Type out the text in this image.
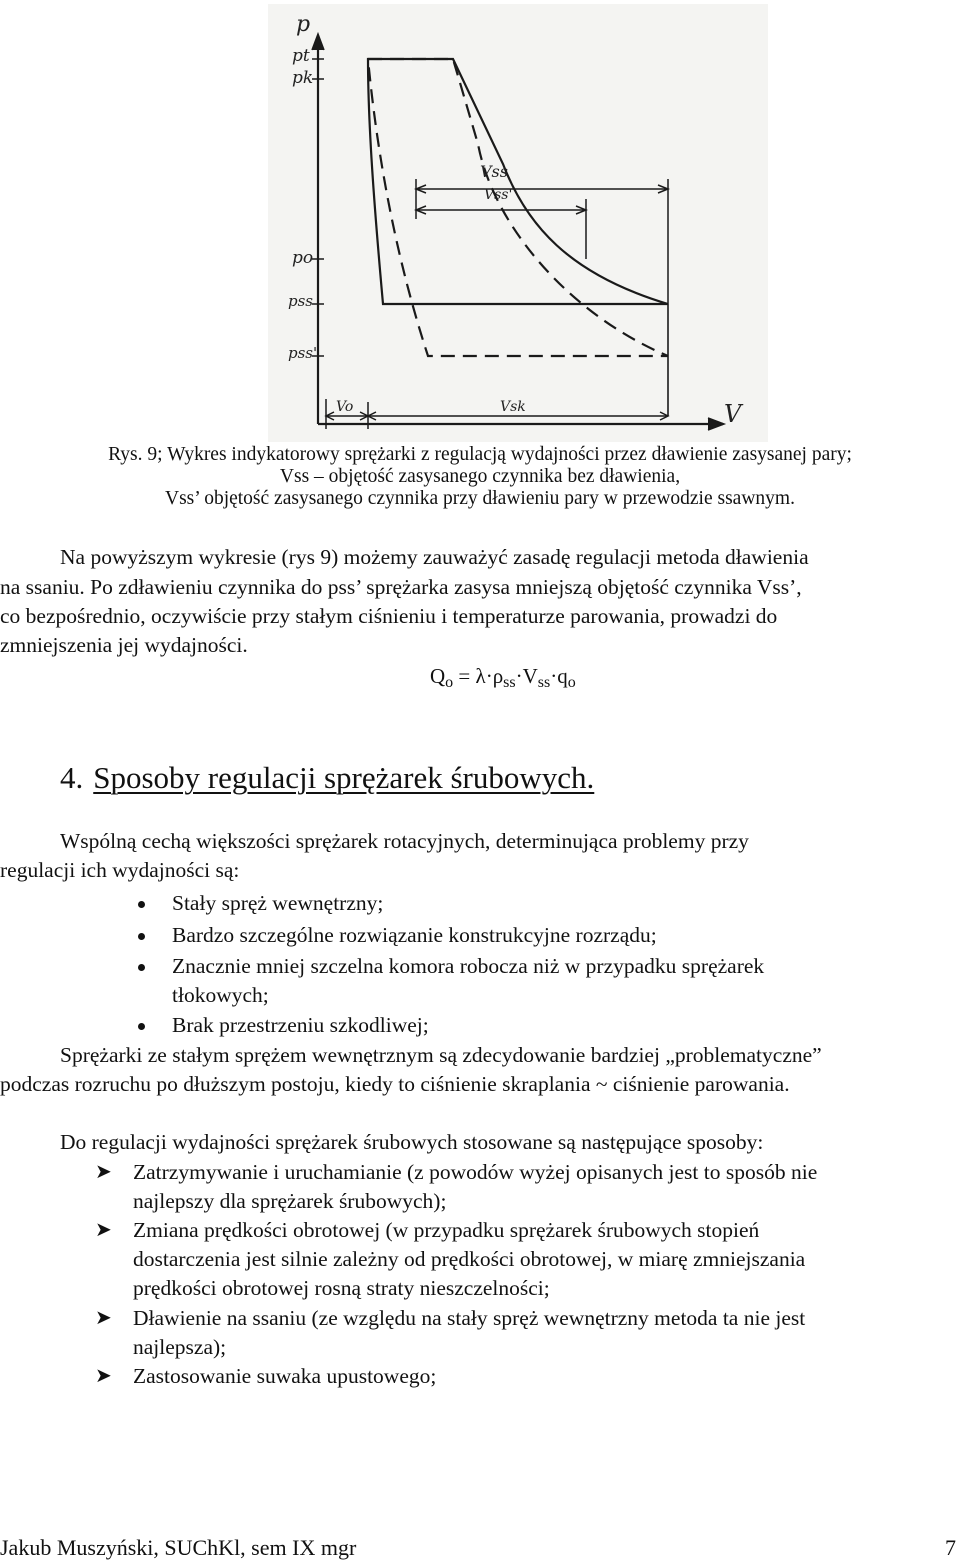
p
pt
pk
po
pss
pss'
V
Vo	Vsk
Vss
Vss'
Rys. 9; Wykres indykatorowy sprężarki z regulacją wydajności przez dławienie zasysanej pary;
Vss – objętość zasysanego czynnika bez dławienia,
Vss’ objętość zasysanego czynnika przy dławieniu pary w przewodzie ssawnym.
Na powyższym wykresie (rys 9) możemy zauważyć zasadę regulacji metoda dławienia
na ssaniu. Po zdławieniu czynnika do pss’ sprężarka zasysa mniejszą objętość czynnika Vss’,
co bezpośrednio, oczywiście przy stałym ciśnieniu i temperaturze parowania, prowadzi do
zmniejszenia jej wydajności.
$Q_o = \lambda\cdot\rho_{ss}\cdot V_{ss}\cdot q_o$
4. Sposoby regulacji sprężarek śrubowych.
Wspólną cechą większości sprężarek rotacyjnych, determinująca problemy przy
regulacji ich wydajności są:
Stały spręż wewnętrzny;
Bardzo szczególne rozwiązanie konstrukcyjne rozrządu;
Znacznie mniej szczelna komora robocza niż w przypadku sprężarek
tłokowych;
Brak przestrzeniu szkodliwej;
Sprężarki ze stałym sprężem wewnętrznym są zdecydowanie bardziej „problematyczne”
podczas rozruchu po dłuższym postoju, kiedy to ciśnienie skraplania ~ ciśnienie parowania.
Do regulacji wydajności sprężarek śrubowych stosowane są następujące sposoby:
➤ Zatrzymywanie i uruchamianie (z powodów wyżej opisanych jest to sposób nie
najlepszy dla sprężarek śrubowych);
➤ Zmiana prędkości obrotowej (w przypadku sprężarek śrubowych stopień
dostarczenia jest silnie zależny od prędkości obrotowej, w miarę zmniejszania
prędkości obrotowej rosną straty nieszczelności;
➤ Dławienie na ssaniu (ze względu na stały spręż wewnętrzny metoda ta nie jest
najlepsza);
➤ Zastosowanie suwaka upustowego;
Jakub Muszyński, SUChKl, sem IX mgr	7
